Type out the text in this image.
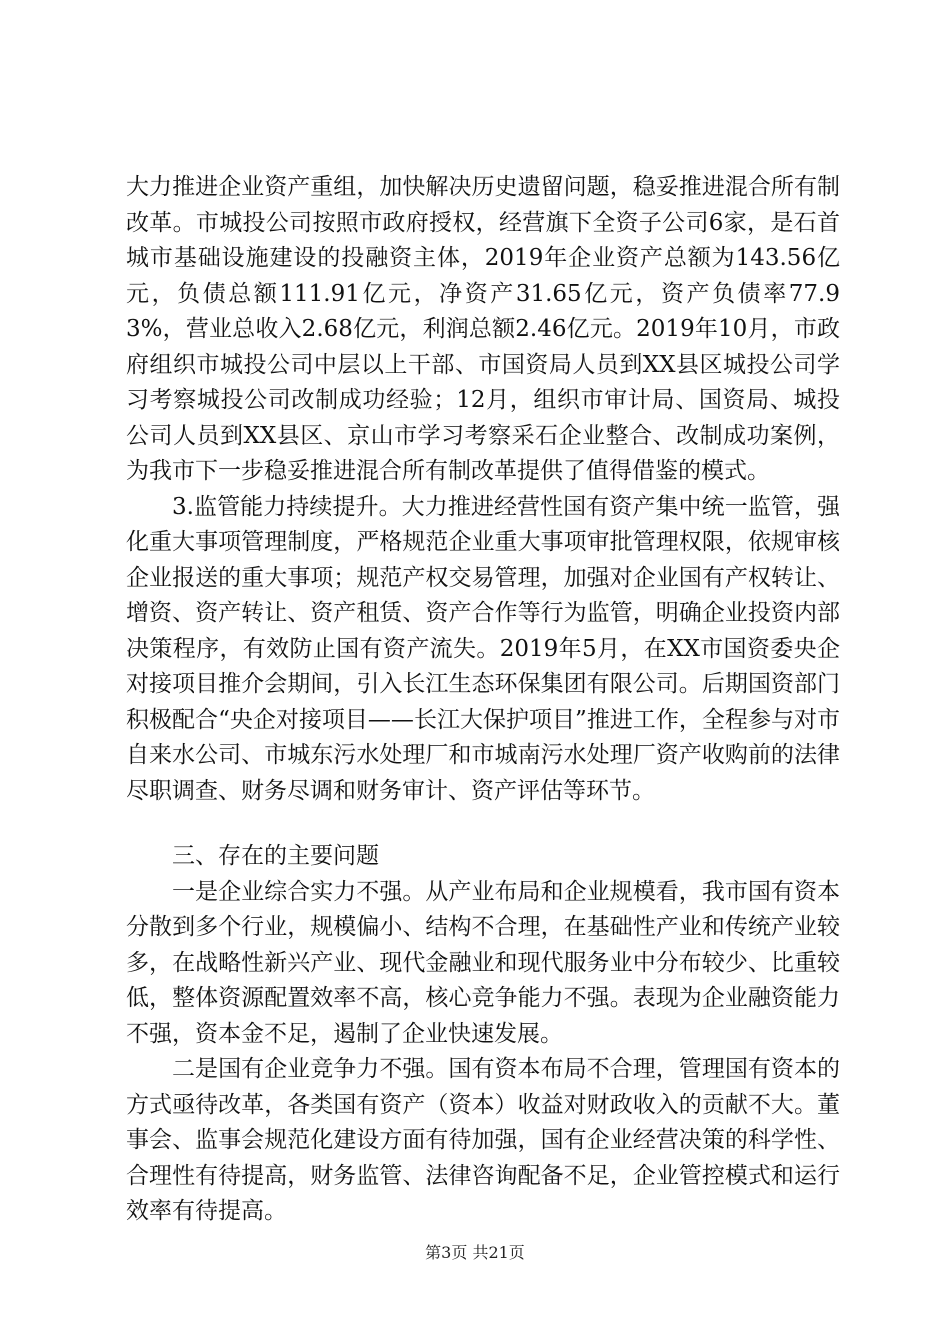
大力推进企业资产重组，加快解决历史遗留问题，稳妥推进混合所有制改革。市城投公司按照市政府授权，经营旗下全资子公司6家，是石首城市基础设施建设的投融资主体，2019年企业资产总额为143.56亿元，负债总额111.91亿元，净资产31.65亿元，资产负债率77.93%，营业总收入2.68亿元，利润总额2.46亿元。2019年10月，市政府组织市城投公司中层以上干部、市国资局人员到XX县区城投公司学习考察城投公司改制成功经验；12月，组织市审计局、国资局、城投公司人员到XX县区、京山市学习考察采石企业整合、改制成功案例，为我市下一步稳妥推进混合所有制改革提供了值得借鉴的模式。

3.监管能力持续提升。大力推进经营性国有资产集中统一监管，强化重大事项管理制度，严格规范企业重大事项审批管理权限，依规审核企业报送的重大事项；规范产权交易管理，加强对企业国有产权转让、增资、资产转让、资产租赁、资产合作等行为监管，明确企业投资内部决策程序，有效防止国有资产流失。2019年5月，在XX市国资委央企对接项目推介会期间，引入长江生态环保集团有限公司。后期国资部门积极配合“央企对接项目——长江大保护项目”推进工作，全程参与对市自来水公司、市城东污水处理厂和市城南污水处理厂资产收购前的法律尽职调查、财务尽调和财务审计、资产评估等环节。

三、存在的主要问题

一是企业综合实力不强。从产业布局和企业规模看，我市国有资本分散到多个行业，规模偏小、结构不合理，在基础性产业和传统产业较多，在战略性新兴产业、现代金融业和现代服务业中分布较少、比重较低，整体资源配置效率不高，核心竞争能力不强。表现为企业融资能力不强，资本金不足，遏制了企业快速发展。

二是国有企业竞争力不强。国有资本布局不合理，管理国有资本的方式亟待改革，各类国有资产（资本）收益对财政收入的贡献不大。董事会、监事会规范化建设方面有待加强，国有企业经营决策的科学性、合理性有待提高，财务监管、法律咨询配备不足，企业管控模式和运行效率有待提高。

第3页 共21页
